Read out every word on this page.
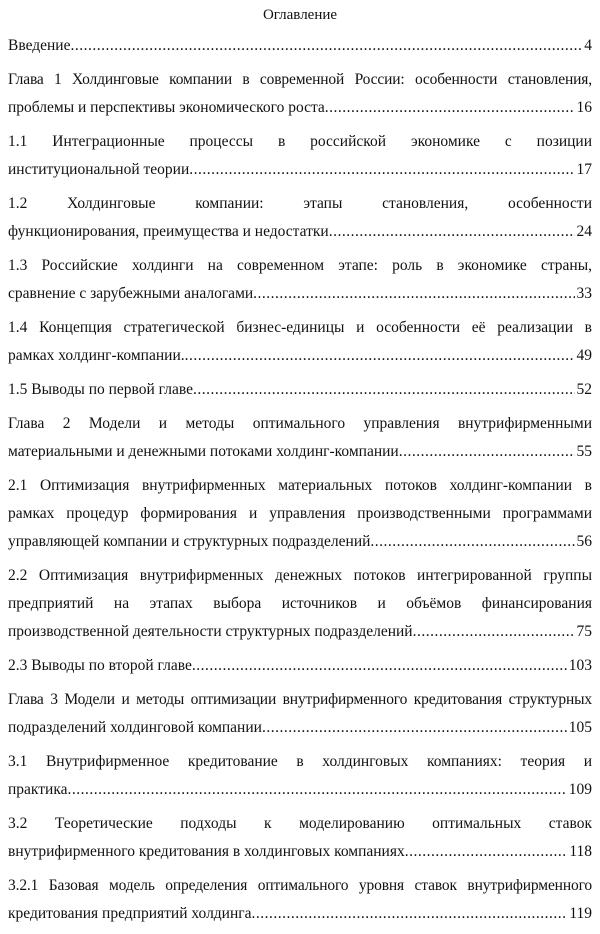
Оглавление
Введение .....	4
Глава 1 Холдинговые компании в современной России: особенности становления,
проблемы и перспективы экономического роста .....	16
1.1 Интеграционные процессы в российской экономике с позиции
институциональной теории .....	17
1.2 Холдинговые компании: этапы становления, особенности
функционирования, преимущества и недостатки .....	24
1.3 Российские холдинги на современном этапе: роль в экономике страны,
сравнение с зарубежными аналогами .....	33
1.4 Концепция стратегической бизнес-единицы и особенности её реализации в
рамках холдинг-компании. .....	49
1.5 Выводы по первой главе .....	52
Глава 2 Модели и методы оптимального управления внутрифирменными
материальными и денежными потоками холдинг-компании .....	55
2.1 Оптимизация внутрифирменных материальных потоков холдинг-компании в
рамках процедур формирования и управления производственными программами
управляющей компании и структурных подразделений .....	56
2.2 Оптимизация внутрифирменных денежных потоков интегрированной группы
предприятий на этапах выбора источников и объёмов финансирования
производственной деятельности структурных подразделений .....	75
2.3 Выводы по второй главе .....	103
Глава 3 Модели и методы оптимизации внутрифирменного кредитования структурных
подразделений холдинговой компании .....	105
3.1 Внутрифирменное кредитование в холдинговых компаниях: теория и
практика .....	109
3.2 Теоретические подходы к моделированию оптимальных ставок
внутрифирменного кредитования в холдинговых компаниях .....	118
3.2.1 Базовая модель определения оптимального уровня ставок внутрифирменного
кредитования предприятий холдинга .....	119
